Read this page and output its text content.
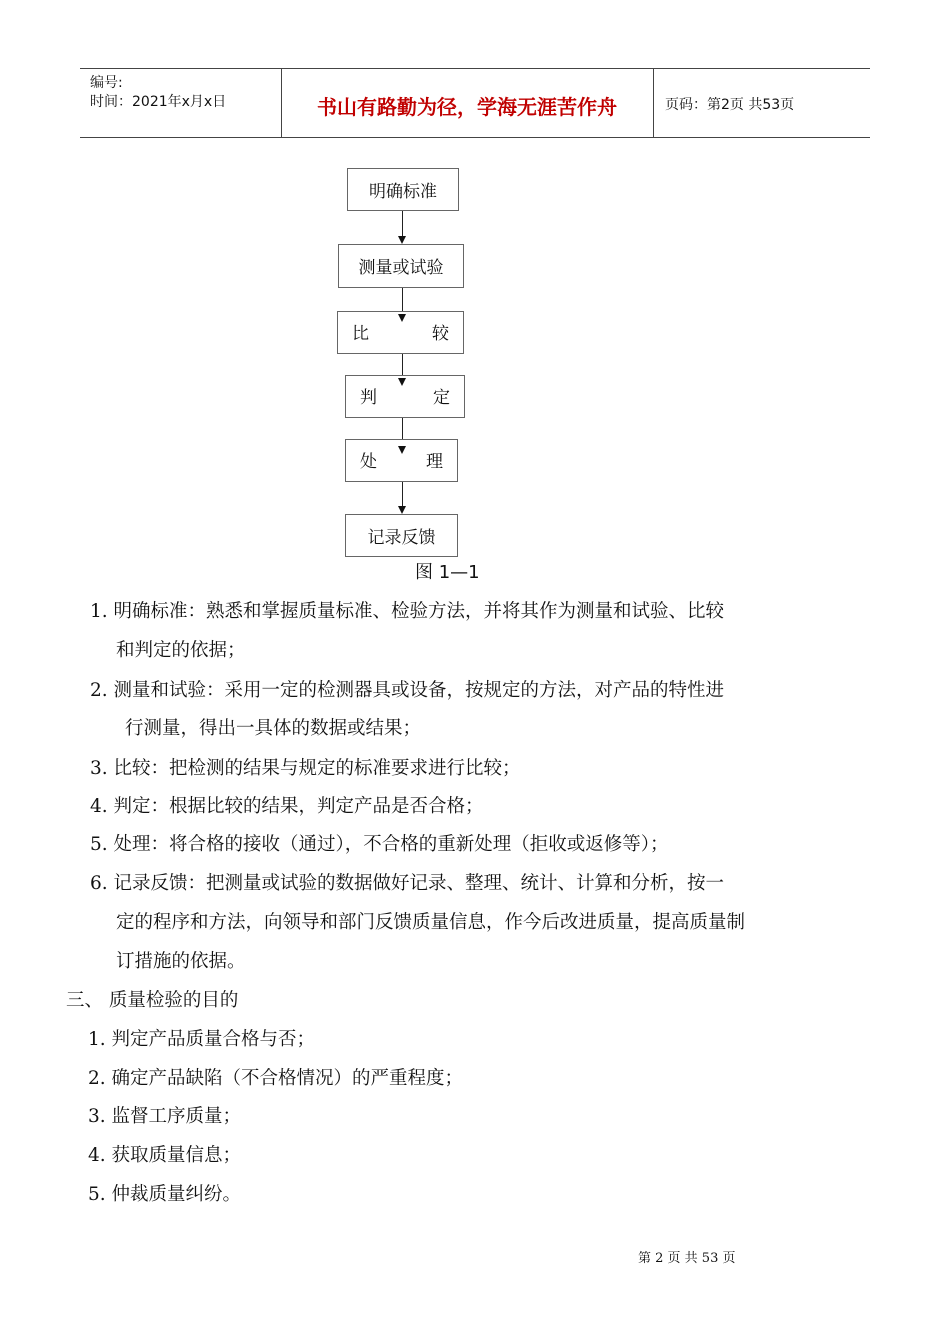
编号:
时间：2021年x月x日	书山有路勤为径，学海无涯苦作舟	页码：第2页 共53页
明确标准
测量或试验
比	较
判	定
处	理
记录反馈
图 1—1
1. 明确标准：熟悉和掌握质量标准、检验方法，并将其作为测量和试验、比较
和判定的依据；
2. 测量和试验：采用一定的检测器具或设备，按规定的方法，对产品的特性进
行测量，得出一具体的数据或结果；
3. 比较：把检测的结果与规定的标准要求进行比较；
4. 判定：根据比较的结果，判定产品是否合格；
5. 处理：将合格的接收（通过），不合格的重新处理（拒收或返修等）；
6. 记录反馈：把测量或试验的数据做好记录、整理、统计、计算和分析，按一
定的程序和方法，向领导和部门反馈质量信息，作今后改进质量，提高质量制
订措施的依据。
三、 质量检验的目的
1. 判定产品质量合格与否；
2. 确定产品缺陷（不合格情况）的严重程度；
3. 监督工序质量；
4. 获取质量信息；
5. 仲裁质量纠纷。
第 2 页 共 53 页
